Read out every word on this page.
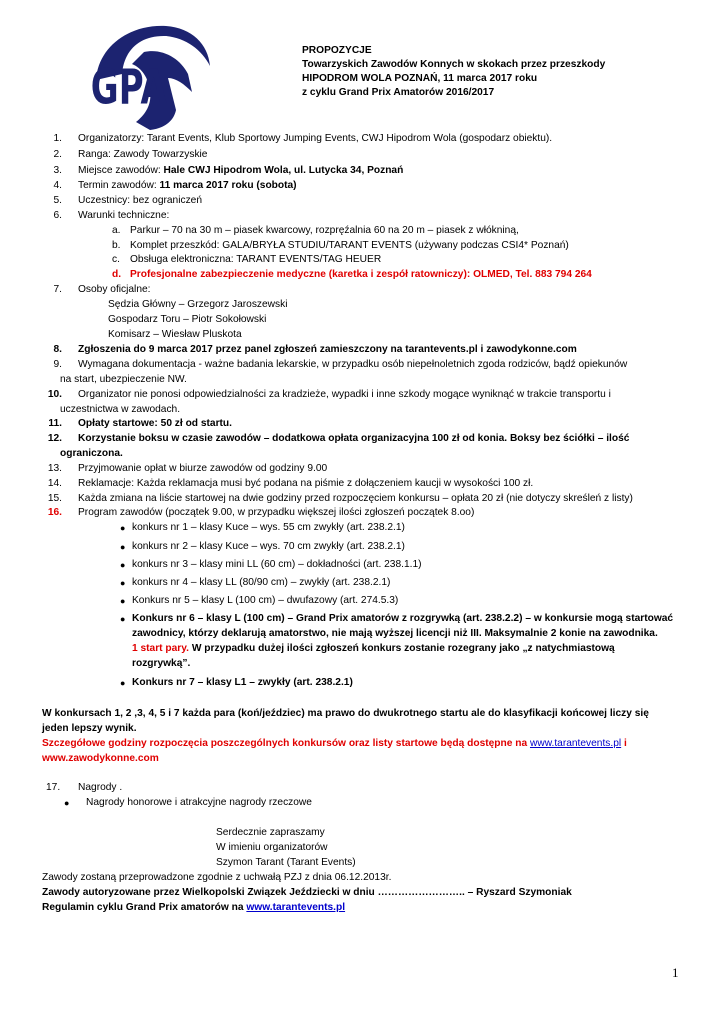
GPA
PROPOZYCJE
Towarzyskich Zawodów Konnych w skokach przez przeszkody
HIPODROM WOLA POZNAŃ, 11 marca 2017 roku
z cyklu Grand Prix Amatorów 2016/2017
1. Organizatorzy: Tarant Events, Klub Sportowy Jumping Events, CWJ Hipodrom Wola (gospodarz obiektu).
2. Ranga: Zawody Towarzyskie
3. Miejsce zawodów: Hale CWJ Hipodrom Wola, ul. Lutycka 34, Poznań
4. Termin zawodów: 11 marca 2017 roku (sobota)
5. Uczestnicy: bez ograniczeń
6. Warunki techniczne:
a. Parkur – 70 na 30 m – piasek kwarcowy, rozpręźalnia 60 na 20 m – piasek z włókniną,
b. Komplet przeszkód: GALA/BRYŁA STUDIU/TARANT EVENTS (używany podczas CSI4* Poznań)
c. Obsługa elektroniczna: TARANT EVENTS/TAG HEUER
d. Profesjonalne zabezpieczenie medyczne (karetka i zespół ratowniczy): OLMED, Tel. 883 794 264
7. Osoby oficjalne:
Sędzia Główny – Grzegorz Jaroszewski
Gospodarz Toru – Piotr Sokołowski
Komisarz – Wiesław Pluskota
8. Zgłoszenia do 9 marca 2017 przez panel zgłoszeń zamieszczony na tarantevents.pl i zawodykonne.com
9. Wymagana dokumentacja - ważne badania lekarskie, w przypadku osób niepełnoletnich zgoda rodziców, bądź opiekunów
na start, ubezpieczenie NW.
10. Organizator nie ponosi odpowiedzialności za kradzieże, wypadki i inne szkody mogące wyniknąć w trakcie transportu i
uczestnictwa w zawodach.
11. Opłaty startowe: 50 zł od startu.
12. Korzystanie boksu w czasie zawodów – dodatkowa opłata organizacyjna 100 zł od konia. Boksy bez ściółki – ilość
ograniczona.
13. Przyjmowanie opłat w biurze zawodów od godziny 9.00
14. Reklamacje: Każda reklamacja musi być podana na piśmie z dołączeniem kaucji w wysokości 100 zł.
15. Każda zmiana na liście startowej na dwie godziny przed rozpoczęciem konkursu – opłata 20 zł (nie dotyczy skreśleń z listy)
16. Program zawodów (początek 9.00, w przypadku większej ilości zgłoszeń początek 8.oo)
● konkurs nr 1 – klasy Kuce – wys. 55 cm zwykły (art. 238.2.1)
● konkurs nr 2 – klasy Kuce – wys. 70 cm zwykły (art. 238.2.1)
● konkurs nr 3 – klasy mini LL (60 cm) – dokładności (art. 238.1.1)
● konkurs nr 4 – klasy LL (80/90 cm) – zwykły (art. 238.2.1)
● Konkurs nr 5 – klasy L (100 cm) – dwufazowy (art. 274.5.3)
● Konkurs nr 6 – klasy L (100 cm) – Grand Prix amatorów z rozgrywką (art. 238.2.2) – w konkursie mogą startować
zawodnicy, którzy deklarują amatorstwo, nie mają wyższej licencji niż III. Maksymalnie 2 konie na zawodnika.
1 start pary. W przypadku dużej ilości zgłoszeń konkurs zostanie rozegrany jako „z natychmiastową
rozgrywką”.
● Konkurs nr 7 – klasy L1 – zwykły (art. 238.2.1)
W konkursach 1, 2 ,3, 4, 5 i 7 każda para (koń/jeździec) ma prawo do dwukrotnego startu ale do klasyfikacji końcowej liczy się
jeden lepszy wynik.
Szczegółowe godziny rozpoczęcia poszczególnych konkursów oraz listy startowe będą dostępne na www.tarantevents.pl i
www.zawodykonne.com
17. Nagrody .
● Nagrody honorowe i atrakcyjne nagrody rzeczowe
Serdecznie zapraszamy
W imieniu organizatorów
Szymon Tarant (Tarant Events)
Zawody zostaną przeprowadzone zgodnie z uchwałą PZJ z dnia 06.12.2013r.
Zawody autoryzowane przez Wielkopolski Związek Jeździecki w dniu …………………….. – Ryszard Szymoniak
Regulamin cyklu Grand Prix amatorów na www.tarantevents.pl
1
